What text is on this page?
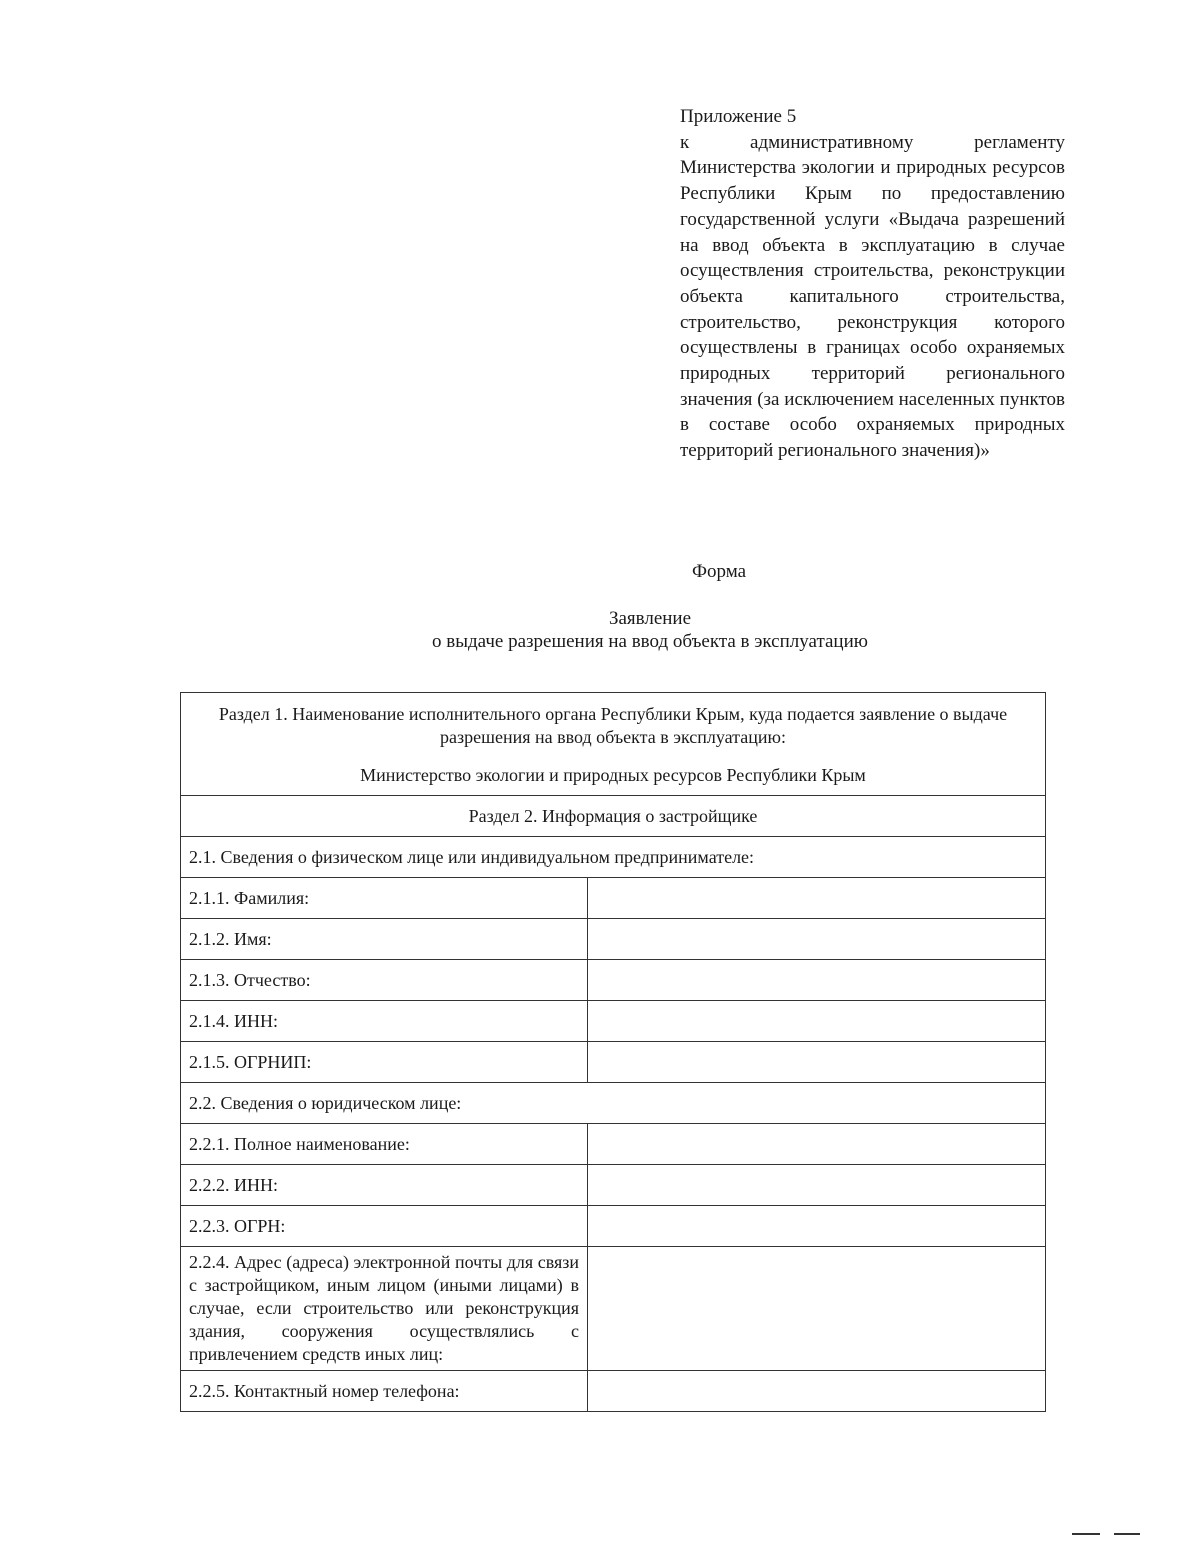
Приложение 5

к административному регламенту Министерства экологии и природных ресурсов Республики Крым по предоставлению государственной услуги «Выдача разрешений на ввод объекта в эксплуатацию в случае осуществления строительства, реконструкции объекта капитального строительства, строительство, реконструкция которого осуществлены в границах особо охраняемых природных территорий регионального значения (за исключением населенных пунктов в составе особо охраняемых природных территорий регионального значения)»

Форма
Заявление
о выдаче разрешения на ввод объекта в эксплуатацию
Раздел 1. Наименование исполнительного органа Республики Крым, куда подается заявление о выдаче разрешения на ввод объекта в эксплуатацию:
Министерство экологии и природных ресурсов Республики Крым	

Раздел 2. Информация о застройщике	
2.1. Сведения о физическом лице или индивидуальном предпринимателе:	
2.1.1. Фамилия:	
2.1.2. Имя:	
2.1.3. Отчество:	
2.1.4. ИНН:	
2.1.5. ОГРНИП:	
2.2. Сведения о юридическом лице:	
2.2.1. Полное наименование:	
2.2.2. ИНН:	
2.2.3. ОГРН:	
2.2.4. Адрес (адреса) электронной почты для связи с застройщиком, иным лицом (иными лицами) в случае, если строительство или реконструкция здания, сооружения осуществлялись с привлечением средств иных лиц:	
2.2.5. Контактный номер телефона:	
